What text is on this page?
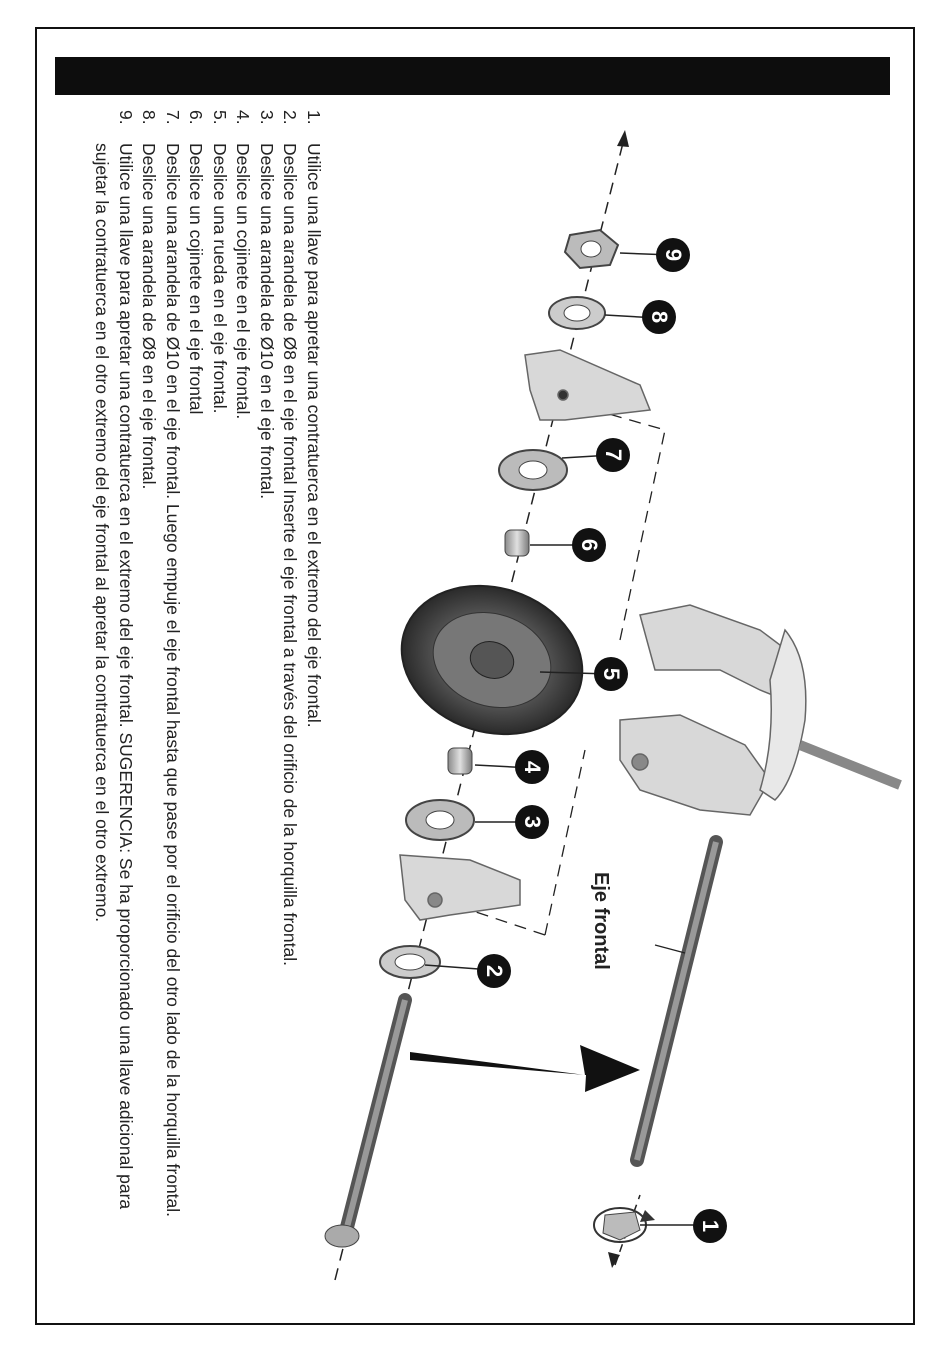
1
2
3
4
5
6
7
8
9
Eje frontal
1.
Utilice una llave para apretar una contratuerca en el extremo del eje frontal.
2.
Deslice una arandela de Ø8 en el eje frontal Inserte el eje frontal a través del orificio de la horquilla frontal.
3.
Deslice una arandela de Ø10 en el eje frontal.
4.
Deslice un cojinete en el eje frontal.
5.
Deslice una rueda en el eje frontal.
6.
Deslice un cojinete en el eje frontal
7.
Deslice una arandela de Ø10 en el eje frontal. Luego empuje el eje frontal hasta que pase por el orificio del otro lado de la horquilla frontal.
8.
Deslice una arandela de Ø8 en el eje frontal.
9.
Utilice una llave para apretar una contratuerca en el extremo del eje frontal. SUGERENCIA: Se ha proporcionado una llave adicional para sujetar la contratuerca en el otro extremo del eje frontal al apretar la contratuerca en el otro extremo.
